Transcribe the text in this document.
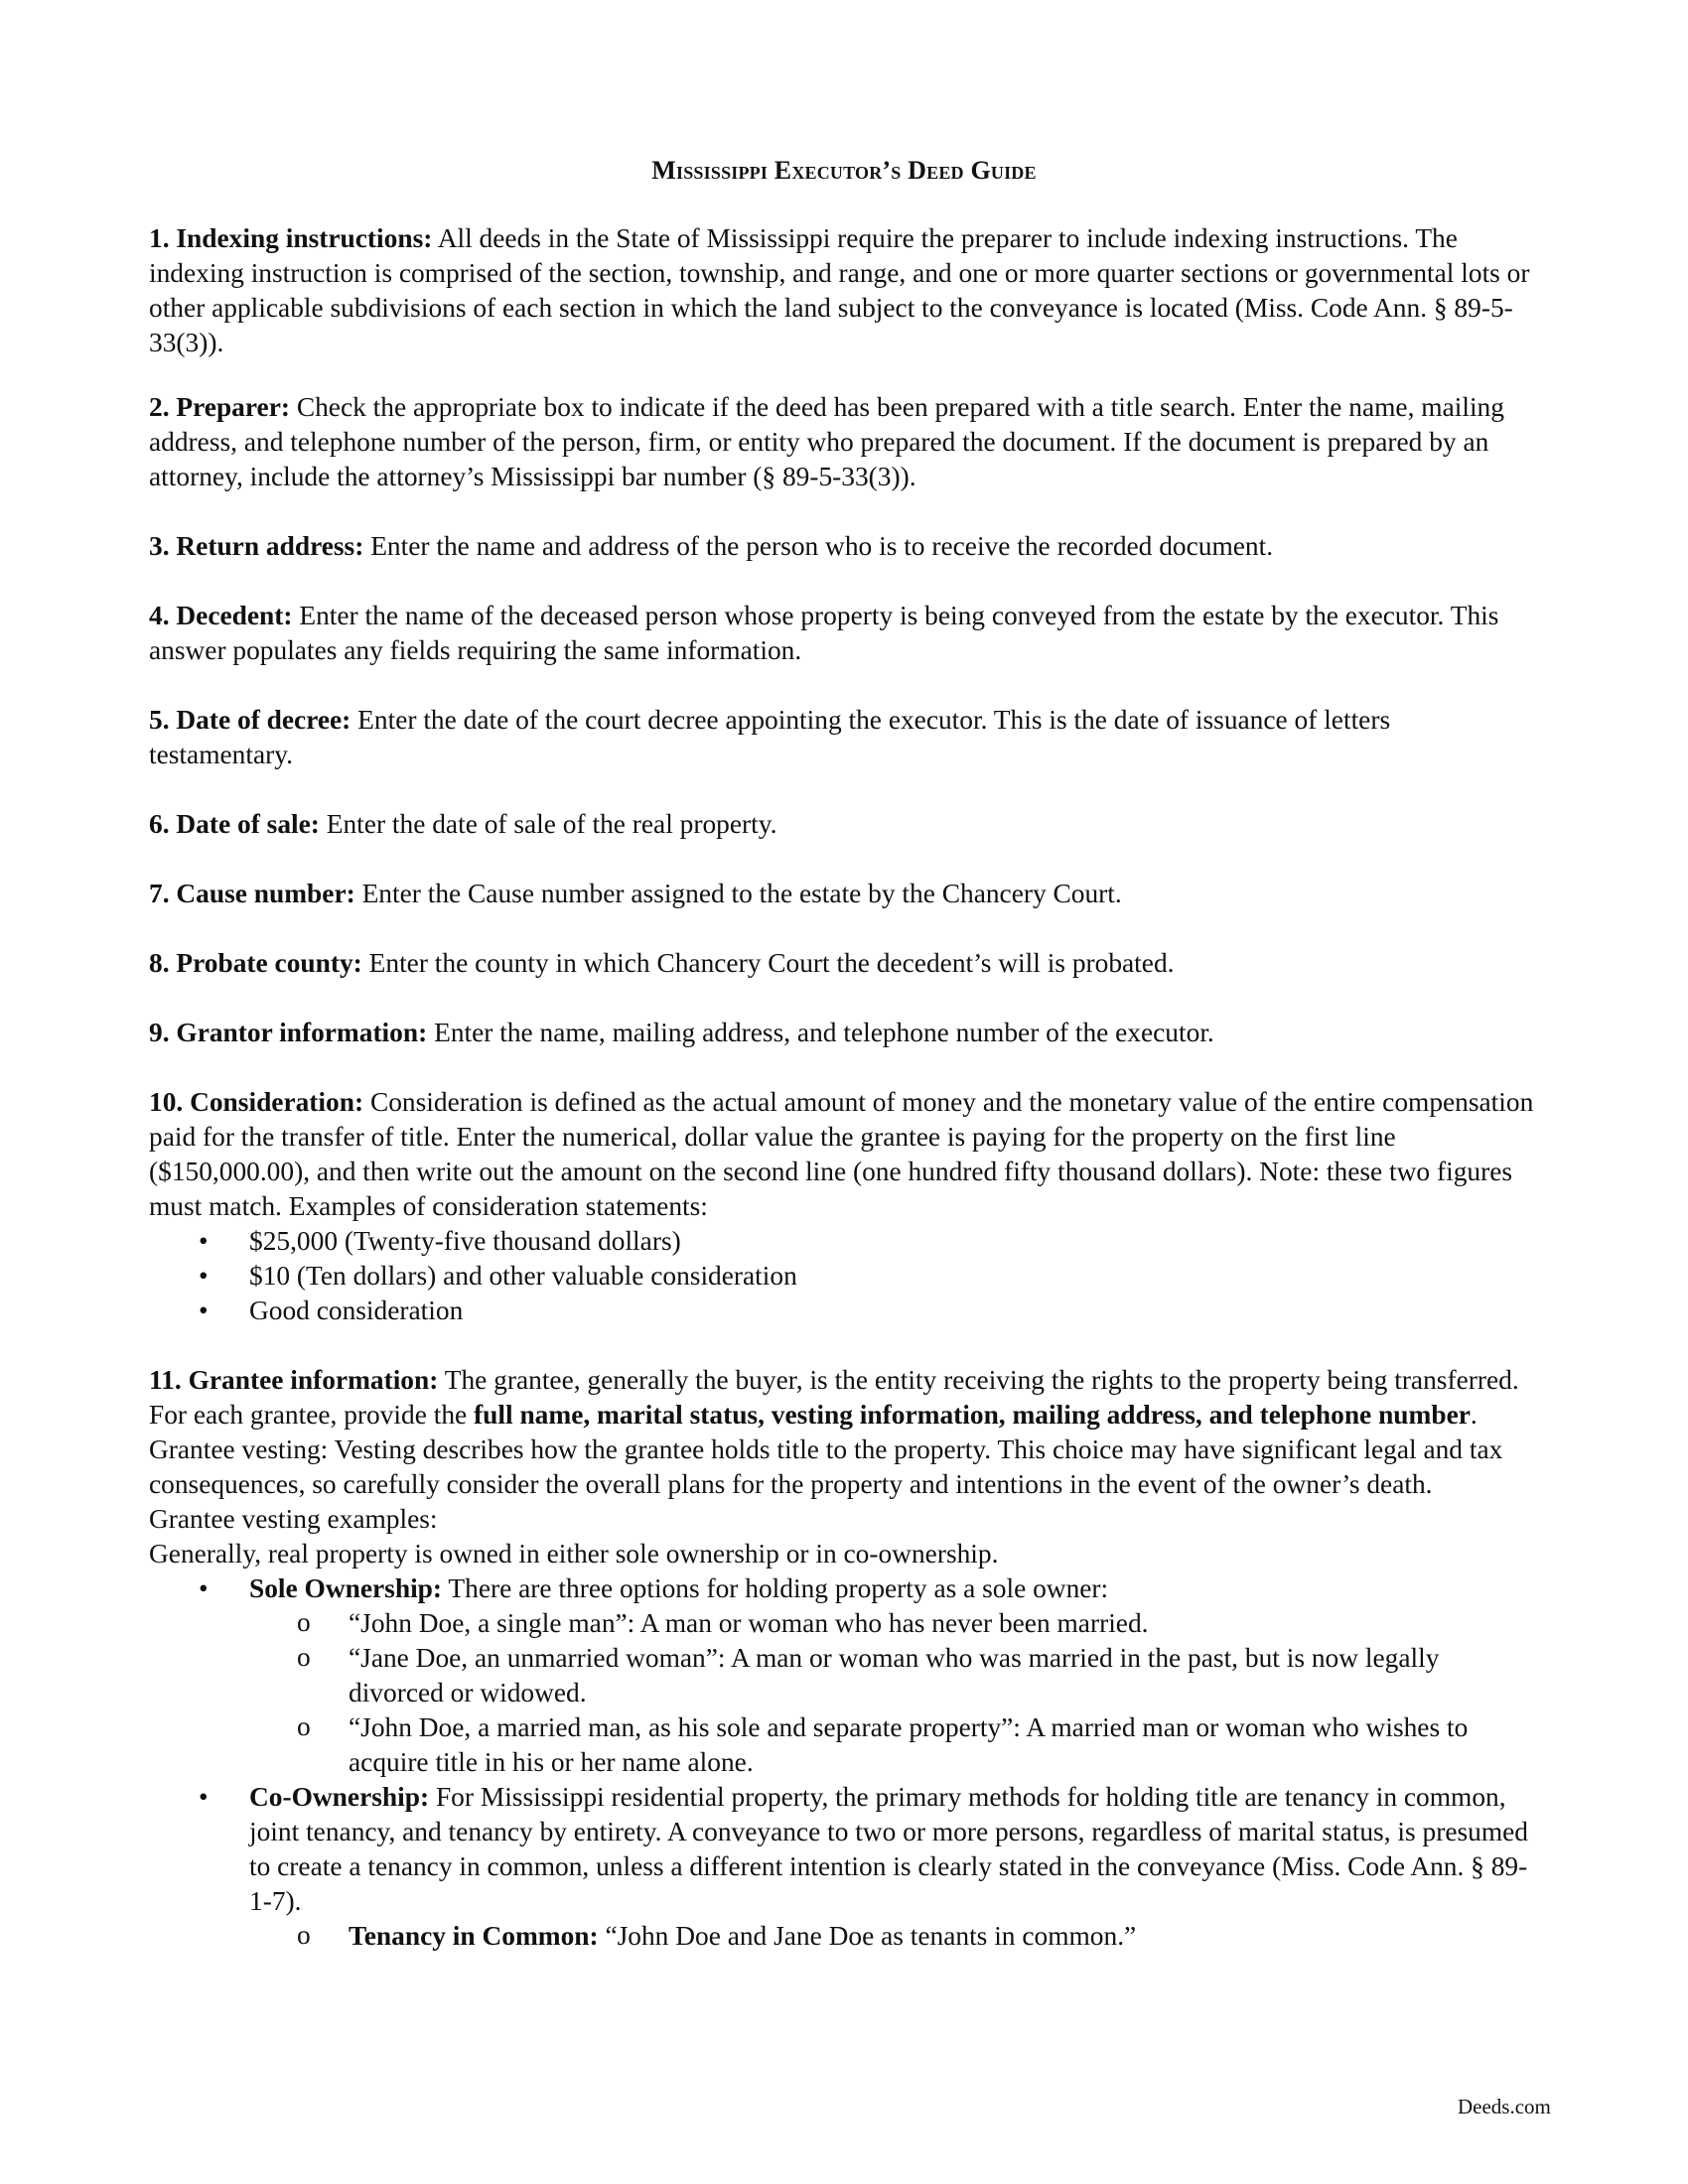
Mississippi Executor’s Deed Guide

1. Indexing instructions: All deeds in the State of Mississippi require the preparer to include indexing instructions. The indexing instruction is comprised of the section, township, and range, and one or more quarter sections or governmental lots or other applicable subdivisions of each section in which the land subject to the conveyance is located (Miss. Code Ann. § 89-5-33(3)).

2. Preparer: Check the appropriate box to indicate if the deed has been prepared with a title search. Enter the name, mailing address, and telephone number of the person, firm, or entity who prepared the document. If the document is prepared by an attorney, include the attorney’s Mississippi bar number (§ 89-5-33(3)).

3. Return address: Enter the name and address of the person who is to receive the recorded document.

4. Decedent: Enter the name of the deceased person whose property is being conveyed from the estate by the executor. This answer populates any fields requiring the same information.

5. Date of decree: Enter the date of the court decree appointing the executor. This is the date of issuance of letters testamentary.

6. Date of sale: Enter the date of sale of the real property.

7. Cause number: Enter the Cause number assigned to the estate by the Chancery Court.

8. Probate county: Enter the county in which Chancery Court the decedent’s will is probated.

9. Grantor information: Enter the name, mailing address, and telephone number of the executor.

10. Consideration: Consideration is defined as the actual amount of money and the monetary value of the entire compensation paid for the transfer of title. Enter the numerical, dollar value the grantee is paying for the property on the first line ($150,000.00), and then write out the amount on the second line (one hundred fifty thousand dollars). Note: these two figures must match. Examples of consideration statements:

• $25,000 (Twenty-five thousand dollars)
• $10 (Ten dollars) and other valuable consideration
• Good consideration

11. Grantee information: The grantee, generally the buyer, is the entity receiving the rights to the property being transferred. For each grantee, provide the full name, marital status, vesting information, mailing address, and telephone number. Grantee vesting: Vesting describes how the grantee holds title to the property. This choice may have significant legal and tax consequences, so carefully consider the overall plans for the property and intentions in the event of the owner’s death.

Grantee vesting examples:
Generally, real property is owned in either sole ownership or in co-ownership.
• Sole Ownership: There are three options for holding property as a sole owner:
o “John Doe, a single man”: A man or woman who has never been married.
o “Jane Doe, an unmarried woman”: A man or woman who was married in the past, but is now legally divorced or widowed.
o “John Doe, a married man, as his sole and separate property”: A married man or woman who wishes to acquire title in his or her name alone.
• Co-Ownership: For Mississippi residential property, the primary methods for holding title are tenancy in common, joint tenancy, and tenancy by entirety. A conveyance to two or more persons, regardless of marital status, is presumed to create a tenancy in common, unless a different intention is clearly stated in the conveyance (Miss. Code Ann. § 89-1-7).
o Tenancy in Common: “John Doe and Jane Doe as tenants in common.”
Deeds.com
